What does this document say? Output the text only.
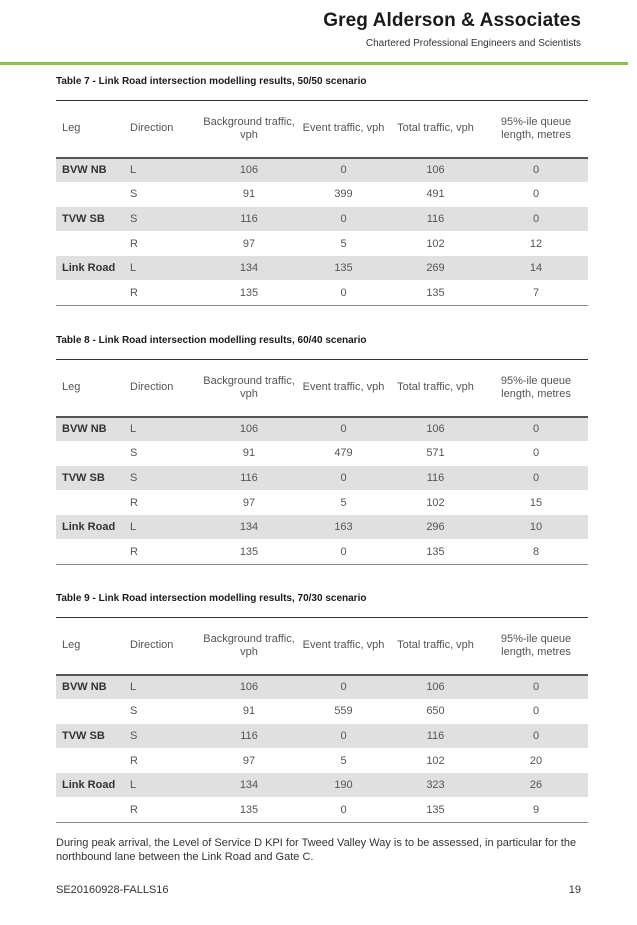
Greg Alderson & Associates
Chartered Professional Engineers and Scientists
Table 7 - Link Road intersection modelling results, 50/50 scenario
Leg	Direction	Background traffic, vph	Event traffic, vph	Total traffic, vph	95%-ile queue length, metres
BVW NB	L	106	0	106	0
	S	91	399	491	0
TVW SB	S	116	0	116	0
	R	97	5	102	12
Link Road	L	134	135	269	14
	R	135	0	135	7
Table 8 - Link Road intersection modelling results, 60/40 scenario
Leg	Direction	Background traffic, vph	Event traffic, vph	Total traffic, vph	95%-ile queue length, metres
BVW NB	L	106	0	106	0
	S	91	479	571	0
TVW SB	S	116	0	116	0
	R	97	5	102	15
Link Road	L	134	163	296	10
	R	135	0	135	8
Table 9 - Link Road intersection modelling results, 70/30 scenario
Leg	Direction	Background traffic, vph	Event traffic, vph	Total traffic, vph	95%-ile queue length, metres
BVW NB	L	106	0	106	0
	S	91	559	650	0
TVW SB	S	116	0	116	0
	R	97	5	102	20
Link Road	L	134	190	323	26
	R	135	0	135	9
During peak arrival, the Level of Service D KPI for Tweed Valley Way is to be assessed, in particular for the northbound lane between the Link Road and Gate C.
SE20160928-FALLS16	19
